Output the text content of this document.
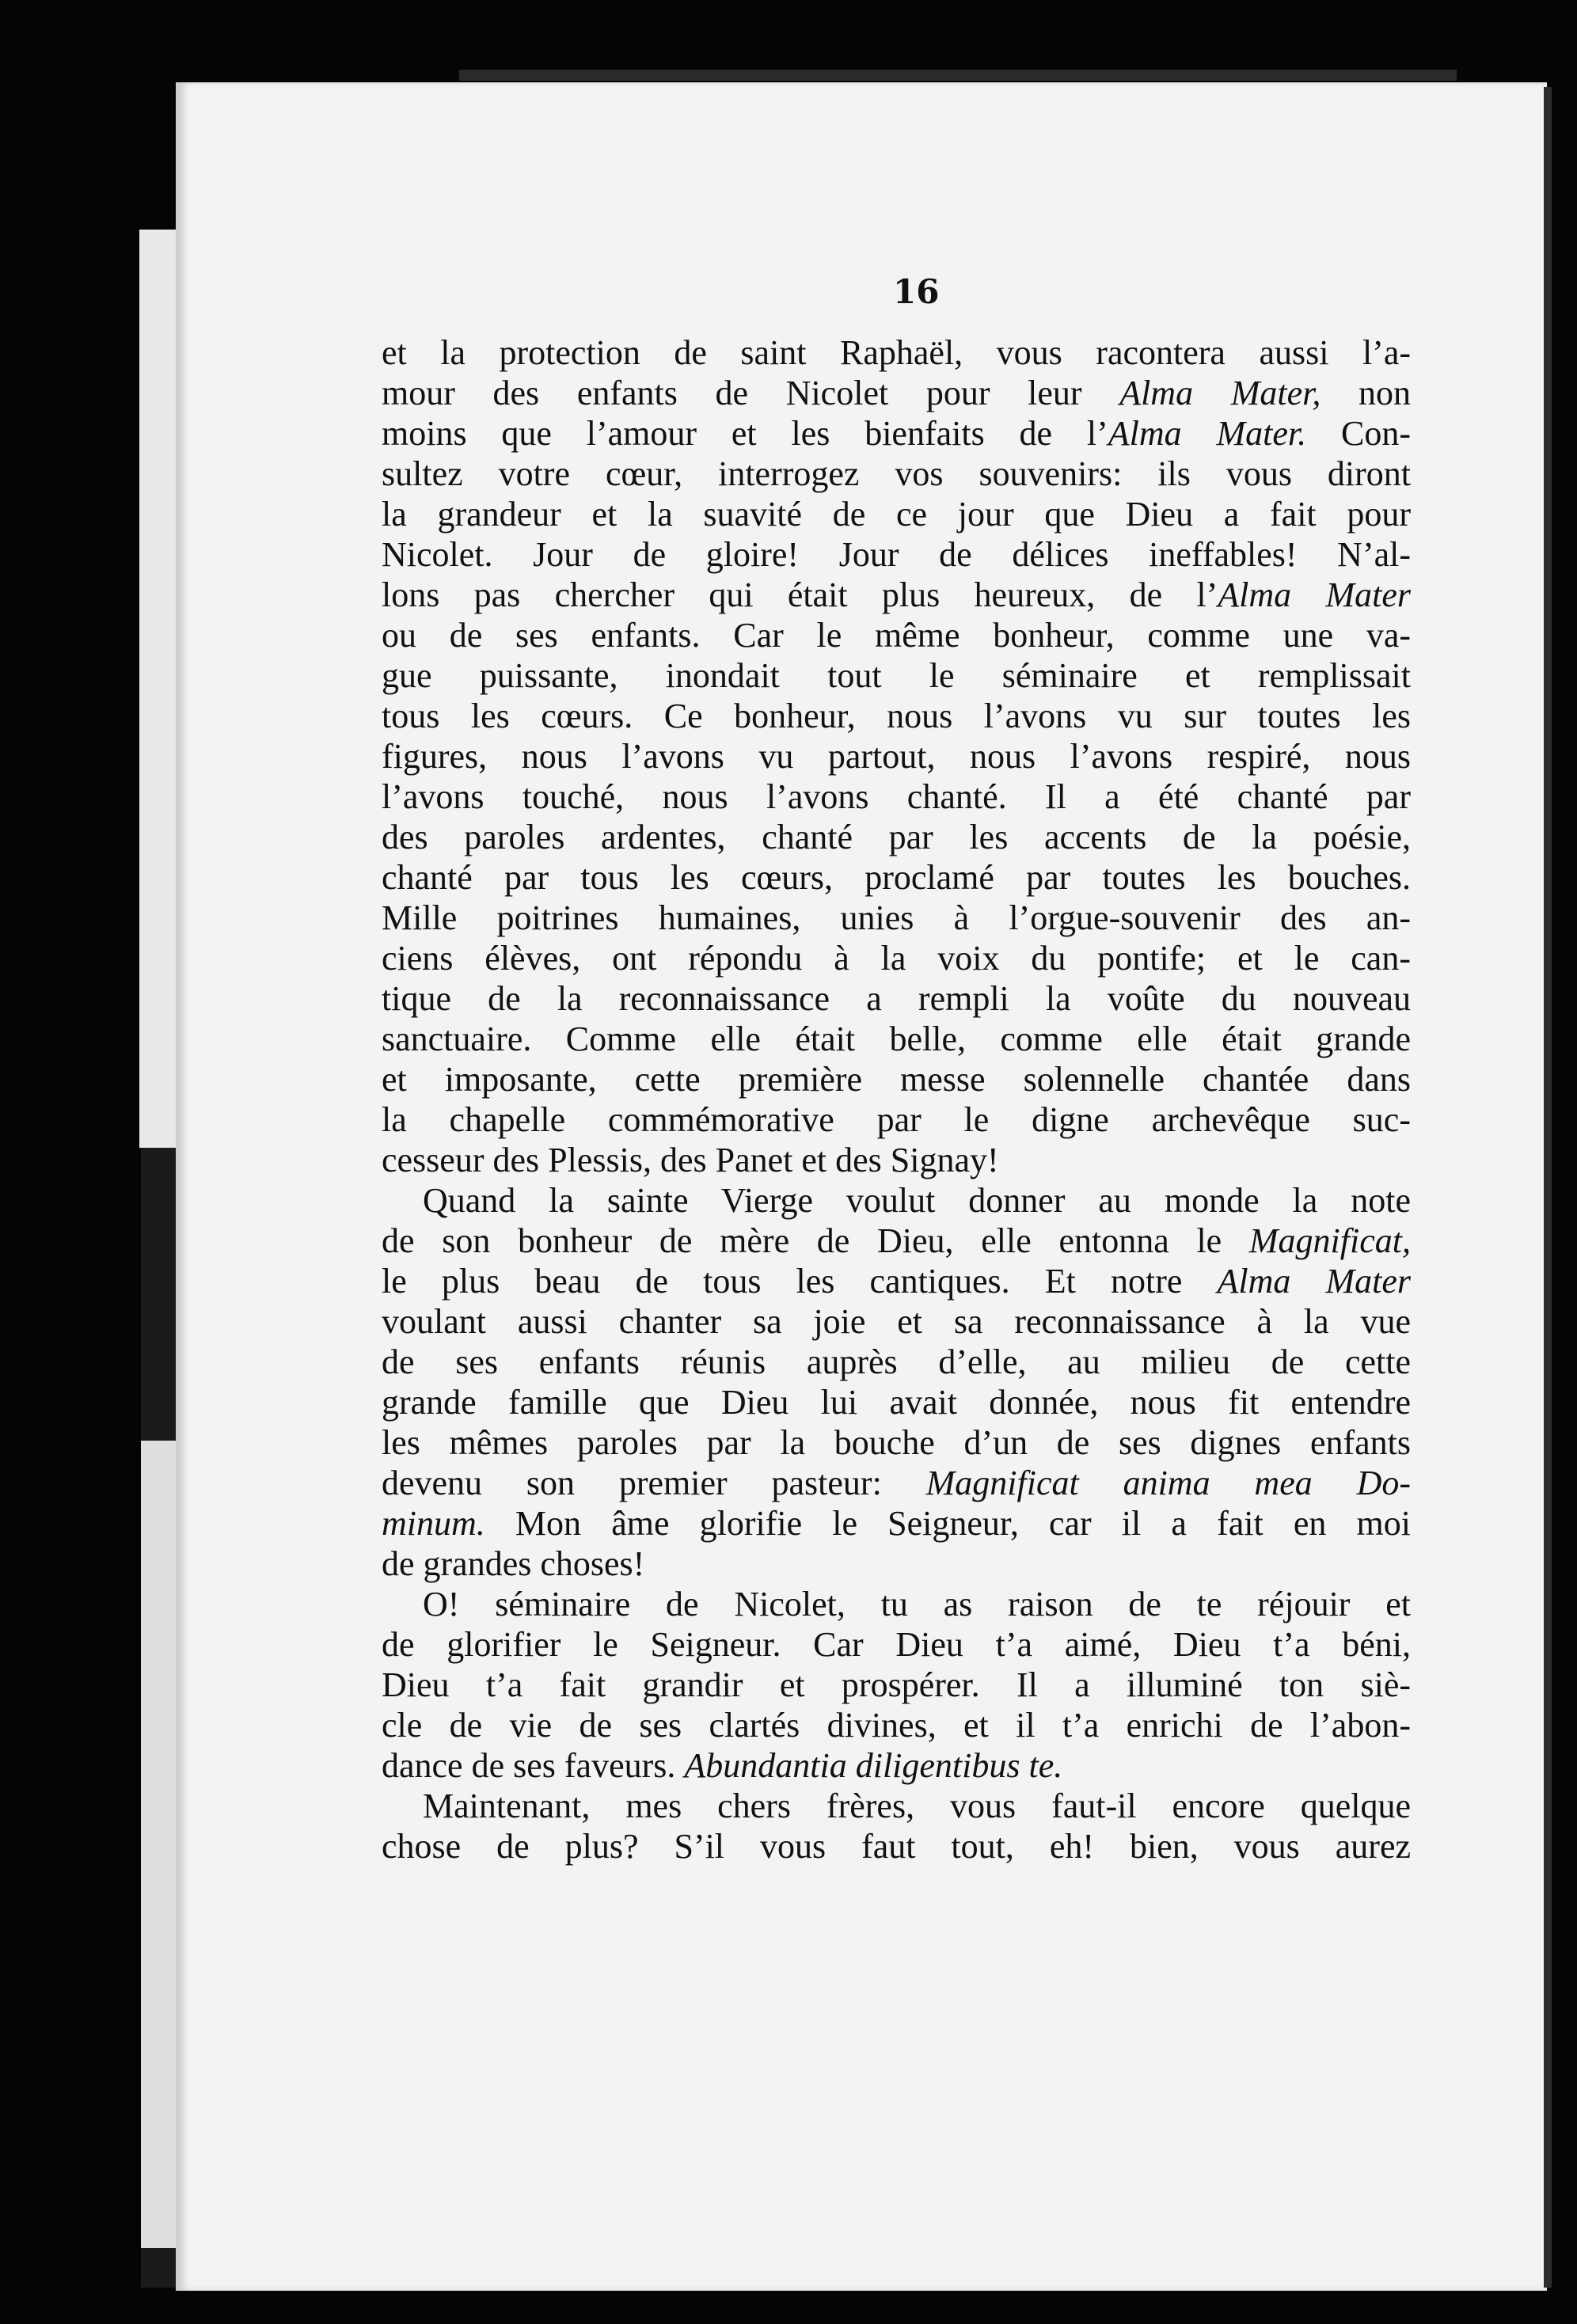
16
et la protection de saint Raphaël, vous racontera aussi l’a-
mour des enfants de Nicolet pour leur Alma Mater, non
moins que l’amour et les bienfaits de l’Alma Mater. Con-
sultez votre cœur, interrogez vos souvenirs: ils vous diront
la grandeur et la suavité de ce jour que Dieu a fait pour
Nicolet. Jour de gloire! Jour de délices ineffables! N’al-
lons pas chercher qui était plus heureux, de l’Alma Mater
ou de ses enfants. Car le même bonheur, comme une va-
gue puissante, inondait tout le séminaire et remplissait
tous les cœurs. Ce bonheur, nous l’avons vu sur toutes les
figures, nous l’avons vu partout, nous l’avons respiré, nous
l’avons touché, nous l’avons chanté. Il a été chanté par
des paroles ardentes, chanté par les accents de la poésie,
chanté par tous les cœurs, proclamé par toutes les bouches.
Mille poitrines humaines, unies à l’orgue-souvenir des an-
ciens élèves, ont répondu à la voix du pontife; et le can-
tique de la reconnaissance a rempli la voûte du nouveau
sanctuaire. Comme elle était belle, comme elle était grande
et imposante, cette première messe solennelle chantée dans
la chapelle commémorative par le digne archevêque suc-
cesseur des Plessis, des Panet et des Signay!
Quand la sainte Vierge voulut donner au monde la note
de son bonheur de mère de Dieu, elle entonna le Magnificat,
le plus beau de tous les cantiques. Et notre Alma Mater
voulant aussi chanter sa joie et sa reconnaissance à la vue
de ses enfants réunis auprès d’elle, au milieu de cette
grande famille que Dieu lui avait donnée, nous fit entendre
les mêmes paroles par la bouche d’un de ses dignes enfants
devenu son premier pasteur: Magnificat anima mea Do-
minum. Mon âme glorifie le Seigneur, car il a fait en moi
de grandes choses!
O! séminaire de Nicolet, tu as raison de te réjouir et
de glorifier le Seigneur. Car Dieu t’a aimé, Dieu t’a béni,
Dieu t’a fait grandir et prospérer. Il a illuminé ton siè-
cle de vie de ses clartés divines, et il t’a enrichi de l’abon-
dance de ses faveurs. Abundantia diligentibus te.
Maintenant, mes chers frères, vous faut-il encore quelque
chose de plus? S’il vous faut tout, eh! bien, vous aurez
